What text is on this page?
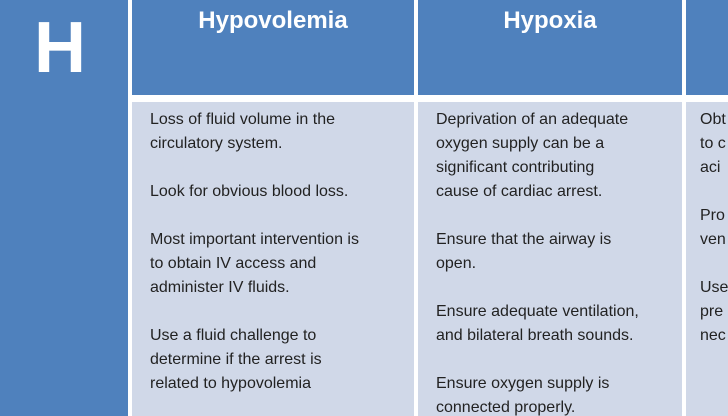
H	Hypovolemia	Hypoxia
Loss of fluid volume in the
circulatory system.
Look for obvious blood loss.
Most important intervention is
to obtain IV access and
administer IV fluids.
Use a fluid challenge to
determine if the arrest is
related to hypovolemia
Deprivation of an adequate
oxygen supply can be a
significant contributing
cause of cardiac arrest.
Ensure that the airway is
open.
Ensure adequate ventilation,
and bilateral breath sounds.
Ensure oxygen supply is
connected properly.
Obt
to c
aci
Pro
ven
Use
pre
nec
